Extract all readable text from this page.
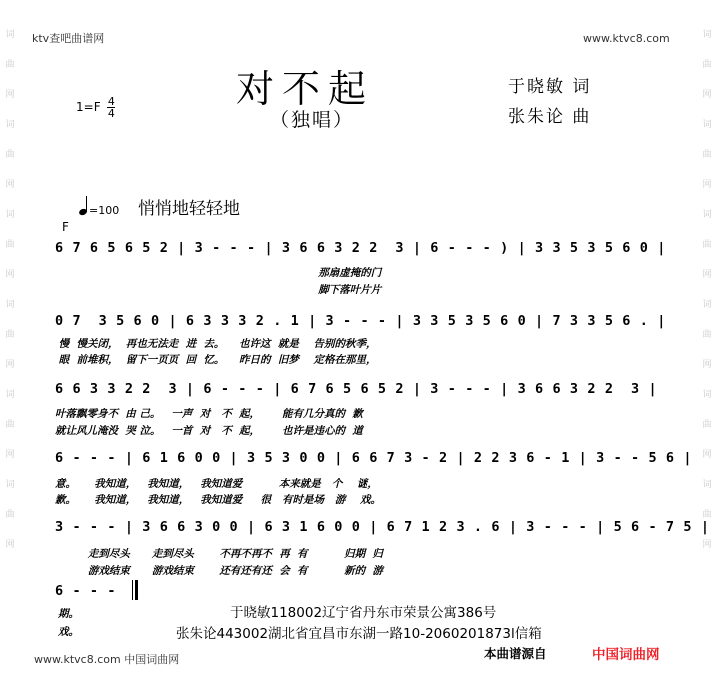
词曲网词曲网词曲网词曲网词曲网词曲网
词曲网词曲网词曲网词曲网词曲网词曲网
ktv查吧曲谱网	www.ktvc8.com
对不起
（独唱）
于晓敏 词
张朱论 曲
$1=F \frac{4}{4}$
=100 悄悄地轻轻地
F
6 7 6 5 6 5 2 | 3 - - - | 3 6 6 3 2 2  3 | 6 - - - ) | 3 3 5 3 5 6 0 |
那扇虚掩的门
脚下落叶片片
0 7  3 5 6 0 | 6 3 3 3 2 . 1 | 3 - - - | 3 3 5 3 5 6 0 | 7 3 3 5 6 . |
慢  慢关闭，  再也无法走  进  去。    也许这  就是    告别的秋季，
眼  前堆积，  留下一页页  回  忆。    昨日的  旧梦    定格在那里，
6 6 3 3 2 2  3 | 6 - - - | 6 7 6 5 6 5 2 | 3 - - - | 3 6 6 3 2 2  3 |
叶落飘零身不  由 己。   一声  对   不  起，      能有几分真的  歉
就让风儿淹没  哭 泣。   一首  对   不  起，      也许是违心的  道
6 - - - | 6 1 6 0 0 | 3 5 3 0 0 | 6 6 7 3 - 2 | 2 2 3 6 - 1 | 3 - - 5 6 |
意。     我知道，   我知道，   我知道爱          本来就是   个    谜，
歉。     我知道，   我知道，   我知道爱     很   有时是场   游    戏。
3 - - - | 3 6 6 3 0 0 | 6 3 1 6 0 0 | 6 7 1 2 3 . 6 | 3 - - - | 5 6 - 7 5 |
走到尽头      走到尽头       不再不再不  再  有          归期  归
游戏结束      游戏结束       还有还有还  会  有          新的  游
6 - - -
期。
戏。
于晓敏118002辽宁省丹东市荣景公寓386号
张朱论443002湖北省宜昌市东湖一路10-2060201873l信箱
www.ktvc8.com 中国词曲网	本曲谱源自	中国词曲网
